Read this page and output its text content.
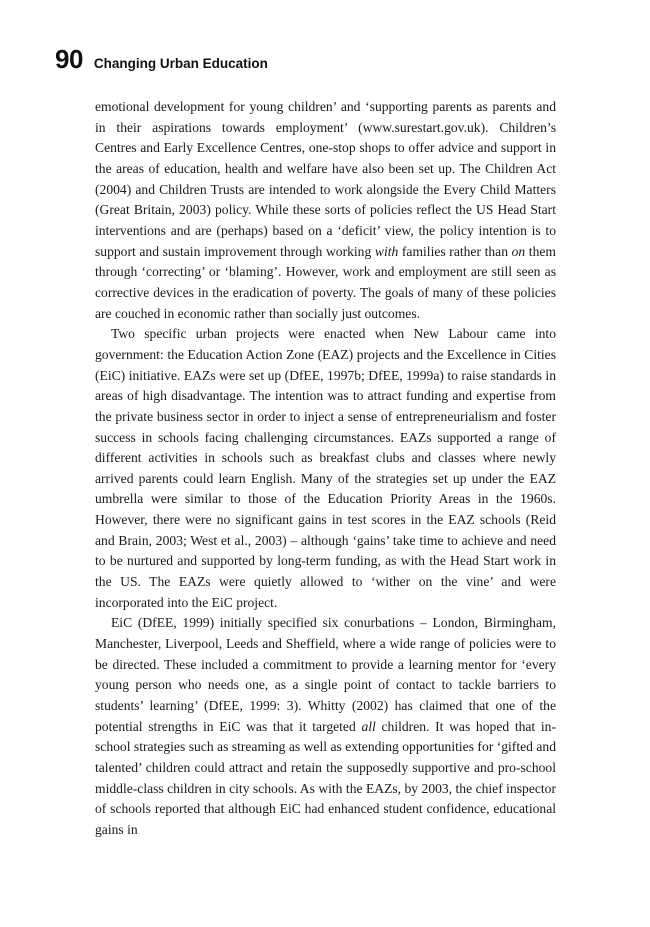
90 Changing Urban Education

emotional development for young children’ and ‘supporting parents as parents and in their aspirations towards employment’ (www.surestart.gov.uk). Children’s Centres and Early Excellence Centres, one-stop shops to offer advice and support in the areas of education, health and welfare have also been set up. The Children Act (2004) and Children Trusts are intended to work alongside the Every Child Matters (Great Britain, 2003) policy. While these sorts of policies reflect the US Head Start interventions and are (perhaps) based on a ‘deficit’ view, the policy intention is to support and sustain improvement through working with families rather than on them through ‘correcting’ or ‘blaming’. However, work and employment are still seen as corrective devices in the eradication of poverty. The goals of many of these policies are couched in economic rather than socially just outcomes.

Two specific urban projects were enacted when New Labour came into government: the Education Action Zone (EAZ) projects and the Excellence in Cities (EiC) initiative. EAZs were set up (DfEE, 1997b; DfEE, 1999a) to raise standards in areas of high disadvantage. The intention was to attract funding and expertise from the private business sector in order to inject a sense of entrepreneurialism and foster success in schools facing challenging circumstances. EAZs supported a range of different activities in schools such as breakfast clubs and classes where newly arrived parents could learn English. Many of the strategies set up under the EAZ umbrella were similar to those of the Education Priority Areas in the 1960s. However, there were no significant gains in test scores in the EAZ schools (Reid and Brain, 2003; West et al., 2003) – although ‘gains’ take time to achieve and need to be nurtured and supported by long-term funding, as with the Head Start work in the US. The EAZs were quietly allowed to ‘wither on the vine’ and were incorporated into the EiC project.

EiC (DfEE, 1999) initially specified six conurbations – London, Birmingham, Manchester, Liverpool, Leeds and Sheffield, where a wide range of policies were to be directed. These included a commitment to provide a learning mentor for ‘every young person who needs one, as a single point of contact to tackle barriers to students’ learning’ (DfEE, 1999: 3). Whitty (2002) has claimed that one of the potential strengths in EiC was that it targeted all children. It was hoped that in-school strategies such as streaming as well as extending opportunities for ‘gifted and talented’ children could attract and retain the supposedly supportive and pro-school middle-class children in city schools. As with the EAZs, by 2003, the chief inspector of schools reported that although EiC had enhanced student confidence, educational gains in
